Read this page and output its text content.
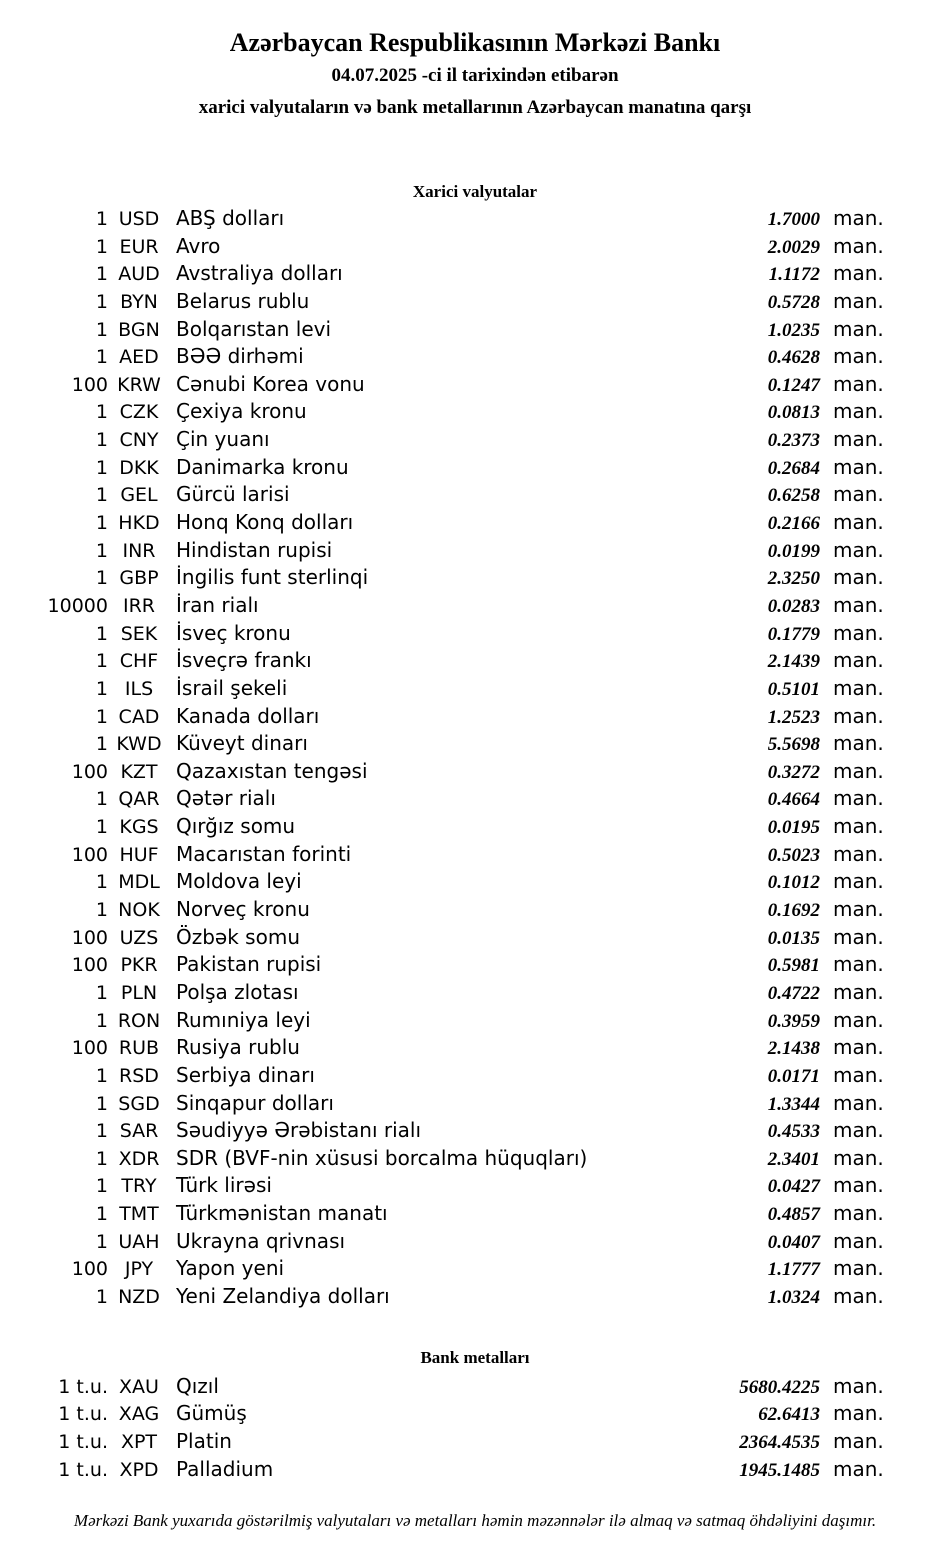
Azərbaycan Respublikasının Mərkəzi Bankı
04.07.2025 -ci il tarixindən etibarən
xarici valyutaların və bank metallarının Azərbaycan manatına qarşı
Xarici valyutalar
1 USD ABŞ dolları	1.7000 man.
1 EUR Avro	2.0029 man.
1 AUD Avstraliya dolları	1.1172 man.
1 BYN Belarus rublu	0.5728 man.
1 BGN Bolqarıstan levi	1.0235 man.
1 AED BƏƏ dirhəmi	0.4628 man.
100 KRW Cənubi Korea vonu	0.1247 man.
1 CZK Çexiya kronu	0.0813 man.
1 CNY Çin yuanı	0.2373 man.
1 DKK Danimarka kronu	0.2684 man.
1 GEL Gürcü larisi	0.6258 man.
1 HKD Honq Konq dolları	0.2166 man.
1 INR	Hindistan rupisi	0.0199 man.
1 GBP İngilis funt sterlinqi	2.3250 man.
10000 IRR	İran rialı	0.0283 man.
1 SEK İsveç kronu	0.1779 man.
1 CHF İsveçrə frankı	2.1439 man.
1 ILS	İsrail şekeli	0.5101 man.
1 CAD Kanada dolları	1.2523 man.
1 KWD Küveyt dinarı	5.5698 man.
100 KZT Qazaxıstan tengəsi	0.3272 man.
1 QAR Qətər rialı	0.4664 man.
1 KGS Qırğız somu	0.0195 man.
100 HUF Macarıstan forinti	0.5023 man.
1 MDL Moldova leyi	0.1012 man.
1 NOK Norveç kronu	0.1692 man.
100 UZS Özbək somu	0.0135 man.
100 PKR Pakistan rupisi	0.5981 man.
1 PLN Polşa zlotası	0.4722 man.
1 RON Rumıniya leyi	0.3959 man.
100 RUB Rusiya rublu	2.1438 man.
1 RSD Serbiya dinarı	0.0171 man.
1 SGD Sinqapur dolları	1.3344 man.
1 SAR Səudiyyə Ərəbistanı rialı	0.4533 man.
1 XDR SDR (BVF-nin xüsusi borcalma hüquqları)	2.3401 man.
1 TRY Türk lirəsi	0.0427 man.
1 TMT Türkmənistan manatı	0.4857 man.
1 UAH Ukrayna qrivnası	0.0407 man.
100 JPY	Yapon yeni	1.1777 man.
1 NZD Yeni Zelandiya dolları	1.0324 man.
Bank metalları
1 t.u. XAU Qızıl	5680.4225 man.
1 t.u. XAG Gümüş	62.6413 man.
1 t.u. XPT Platin	2364.4535 man.
1 t.u. XPD Palladium	1945.1485 man.
Mərkəzi Bank yuxarıda göstərilmiş valyutaları və metalları həmin məzənnələr ilə almaq və satmaq öhdəliyini daşımır.
